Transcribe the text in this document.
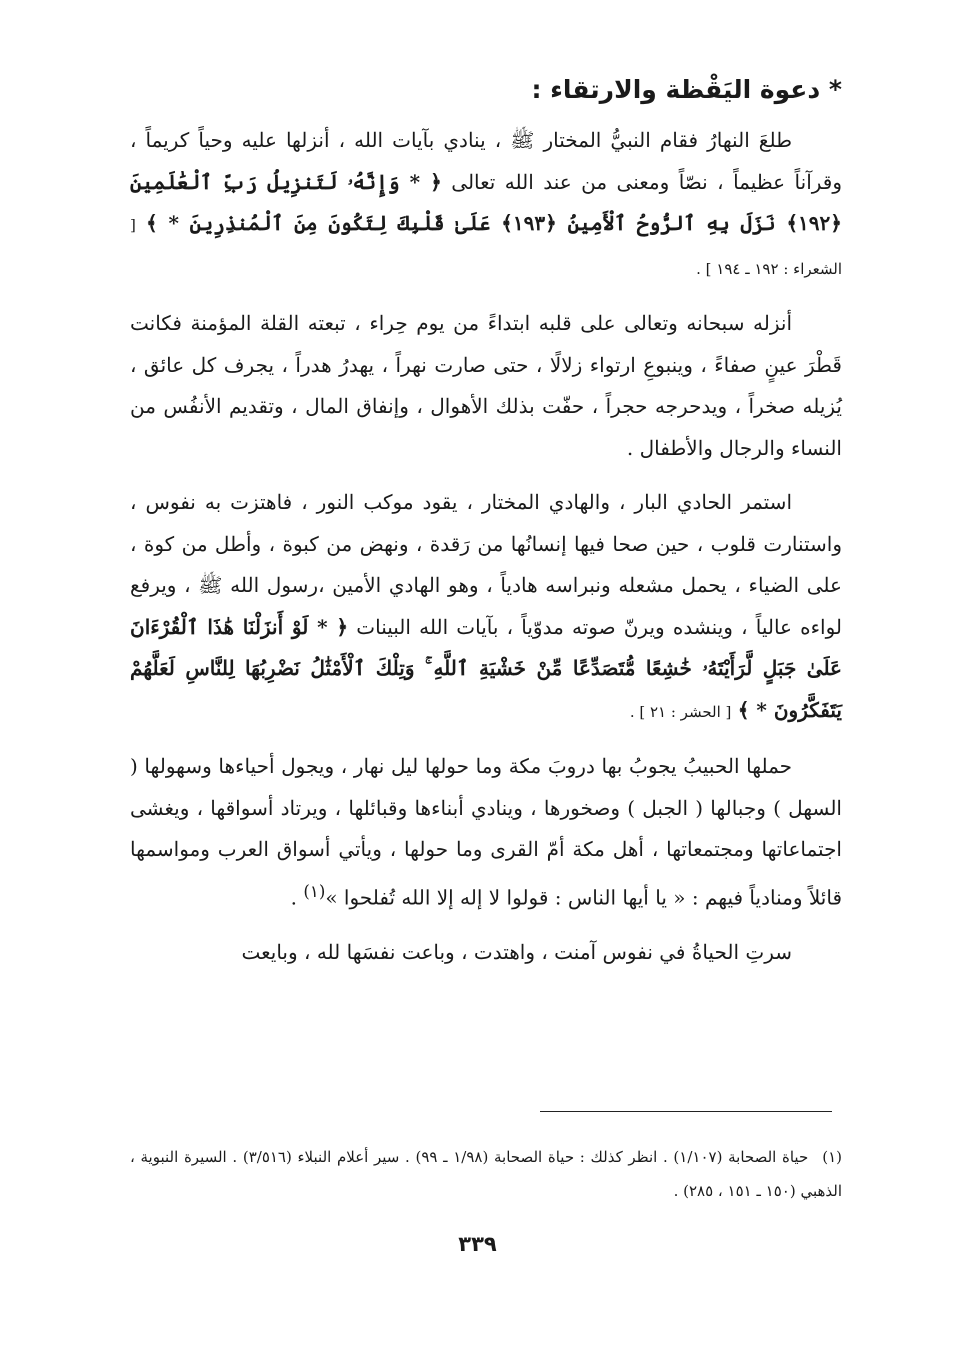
* دعوة اليَقْظة والارتقاء :

طلعَ النهارُ فقام النبيُّ المختار ﷺ ، ينادي بآيات الله ، أنزلها عليه وحياً كريماً ، وقرآناً عظيماً ، نصّاً ومعنى من عند الله تعالى ﴿ * وَإِنَّهُۥ لَتَنزِيلُ رَبِّ ٱلْعَٰلَمِينَ ﴿١٩٢﴾ نَزَلَ بِهِ ٱلرُّوحُ ٱلْأَمِينُ ﴿١٩٣﴾ عَلَىٰ قَلْبِكَ لِتَكُونَ مِنَ ٱلْمُنذِرِينَ * ﴾ [ الشعراء : ١٩٢ ـ ١٩٤ ] .

أنزله سبحانه وتعالى على قلبه ابتداءً من يوم حِراء ، تبعته القلة المؤمنة فكانت قَطْرَ عينٍ صفاءً ، وينبوعِ ارتواء زلالًا ، حتى صارت نهراً ، يهدرُ هدراً ، يجرف كل عائق ، يُزيله صخراً ، ويدحرجه حجراً ، حفّت بذلك الأهوال ، وإنفاق المال ، وتقديم الأنفُس من النساء والرجال والأطفال .

استمر الحادي البار ، والهادي المختار ، يقود موكب النور ، فاهتزت به نفوس ، واستنارت قلوب ، حين صحا فيها إنسانُها من رَقدة ، ونهض من كبوة ، وأطل من كوة ، على الضياء ، يحمل مشعله ونبراسه هادياً ، وهو الهادي الأمين ،رسول الله ﷺ ، ويرفع لواءه عالياً ، وينشده ويرنّ صوته مدوّياً ، بآيات الله البينات ﴿ * لَوْ أَنزَلْنَا هَٰذَا ٱلْقُرْءَانَ عَلَىٰ جَبَلٍ لَّرَأَيْتَهُۥ خَٰشِعًا مُّتَصَدِّعًا مِّنْ خَشْيَةِ ٱللَّهِ ۚ وَتِلْكَ ٱلْأَمْثَٰلُ نَضْرِبُهَا لِلنَّاسِ لَعَلَّهُمْ يَتَفَكَّرُونَ * ﴾ [ الحشر : ٢١ ] .

حملها الحبيبُ يجوبُ بها دروبَ مكة وما حولها ليل نهار ، ويجول أحياءها وسهولها ( السهل ) وجبالها ( الجبل ) وصخورها ، وينادي أبناءها وقبائلها ، ويرتاد أسواقها ، ويغشى اجتماعاتها ومجتمعاتها ، أهل مكة أمّ القرى وما حولها ، ويأتي أسواق العرب ومواسمها قائلاً ومنادياً فيهم : « يا أيها الناس : قولوا لا إله إلا الله تُفلحوا »$^{(١)}$ .

سرتِ الحياةُ في نفوس آمنت ، واهتدت ، وباعت نفسَها لله ، وبايعت

(١)حياة الصحابة (١/١٠٧) . انظر كذلك : حياة الصحابة (١/٩٨ ـ ٩٩) . سير أعلام النبلاء (٣/٥١٦) . السيرة النبوية ، الذهبي (١٥٠ ـ ١٥١ ، ٢٨٥) .
٣٣٩
